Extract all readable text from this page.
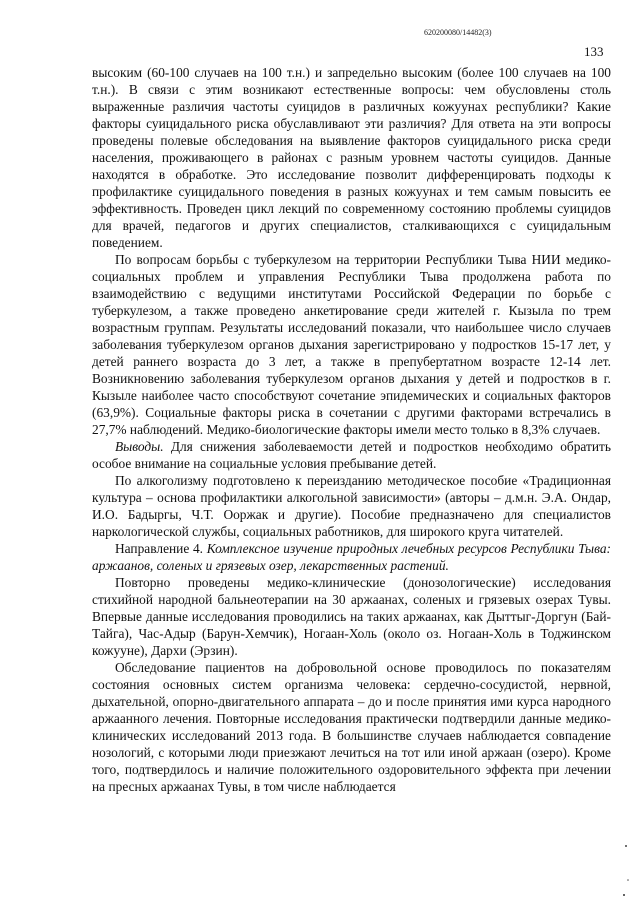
620200080/14482(3)
133

высоким (60-100 случаев на 100 т.н.) и запредельно высоким (более 100 случаев на 100 т.н.). В связи с этим возникают естественные вопросы: чем обусловлены столь выраженные различия частоты суицидов в различных кожуунах республики? Какие факторы суицидального риска обуславливают эти различия? Для ответа на эти вопросы проведены полевые обследования на выявление факторов суицидального риска среди населения, проживающего в районах с разным уровнем частоты суицидов. Данные находятся в обработке. Это исследование позволит дифференцировать подходы к профилактике суицидального поведения в разных кожуунах и тем самым повысить ее эффективность. Проведен цикл лекций по современному состоянию проблемы суицидов для врачей, педагогов и других специалистов, сталкивающихся с суицидальным поведением.

По вопросам борьбы с туберкулезом на территории Республики Тыва НИИ медико-социальных проблем и управления Республики Тыва продолжена работа по взаимодействию с ведущими институтами Российской Федерации по борьбе с туберкулезом, а также проведено анкетирование среди жителей г. Кызыла по трем возрастным группам. Результаты исследований показали, что наибольшее число случаев заболевания туберкулезом органов дыхания зарегистрировано у подростков 15-17 лет, у детей раннего возраста до 3 лет, а также в препубертатном возрасте 12-14 лет. Возникновению заболевания туберкулезом органов дыхания у детей и подростков в г. Кызыле наиболее часто способствуют сочетание эпидемических и социальных факторов (63,9%). Социальные факторы риска в сочетании с другими факторами встречались в 27,7% наблюдений. Медико-биологические факторы имели место только в 8,3% случаев.

Выводы. Для снижения заболеваемости детей и подростков необходимо обратить особое внимание на социальные условия пребывание детей.

По алкоголизму подготовлено к переизданию методическое пособие «Традиционная культура – основа профилактики алкогольной зависимости» (авторы – д.м.н. Э.А. Ондар, И.О. Бадыргы, Ч.Т. Ооржак и другие). Пособие предназначено для специалистов наркологической службы, социальных работников, для широкого круга читателей.

Направление 4. Комплексное изучение природных лечебных ресурсов Республики Тыва: аржаанов, соленых и грязевых озер, лекарственных растений.

Повторно проведены медико-клинические (донозологические) исследования стихийной народной бальнеотерапии на 30 аржаанах, соленых и грязевых озерах Тувы. Впервые данные исследования проводились на таких аржаанах, как Дыттыг-Доргун (Бай-Тайга), Час-Адыр (Барун-Хемчик), Ногаан-Холь (около оз. Ногаан-Холь в Тоджинском кожууне), Дархи (Эрзин).

Обследование пациентов на добровольной основе проводилось по показателям состояния основных систем организма человека: сердечно-сосудистой, нервной, дыхательной, опорно-двигательного аппарата – до и после принятия ими курса народного аржаанного лечения. Повторные исследования практически подтвердили данные медико-клинических исследований 2013 года. В большинстве случаев наблюдается совпадение нозологий, с которыми люди приезжают лечиться на тот или иной аржаан (озеро). Кроме того, подтвердилось и наличие положительного оздоровительного эффекта при лечении на пресных аржаанах Тувы, в том числе наблюдается
